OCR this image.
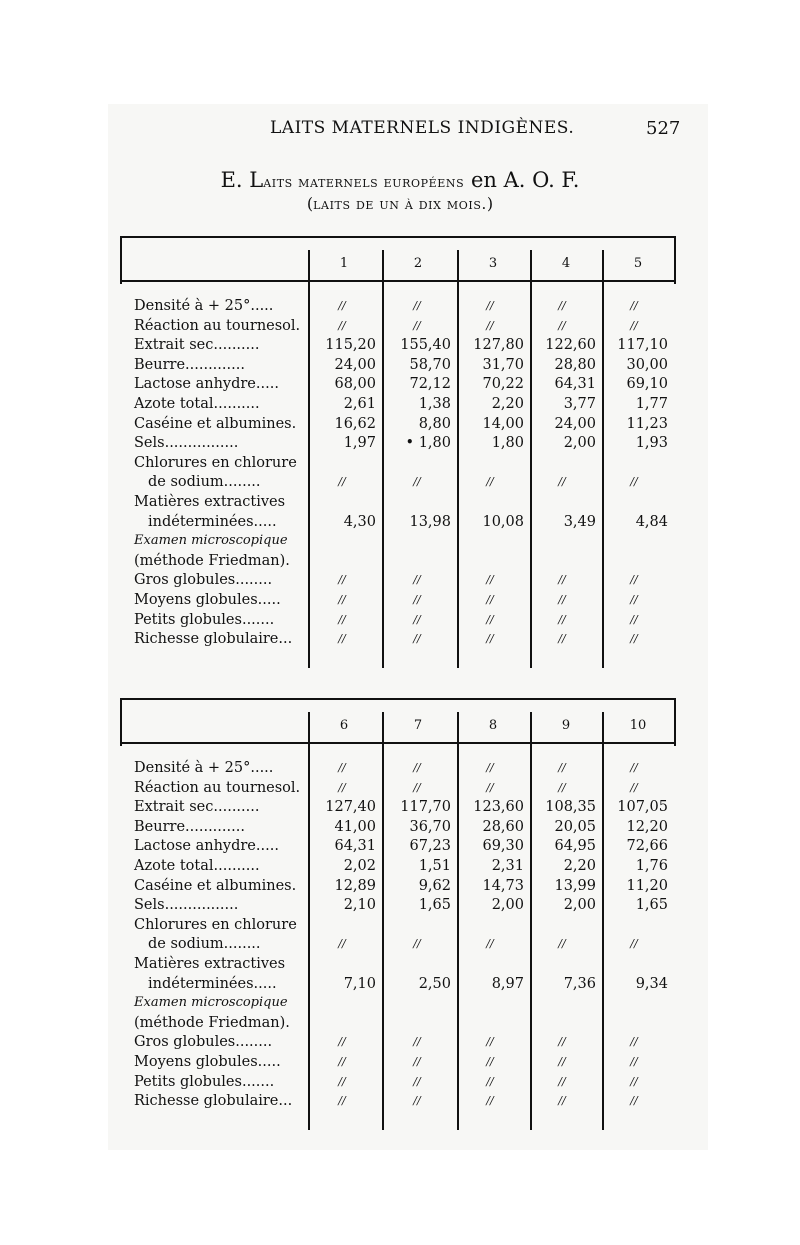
LAITS MATERNELS INDIGÈNES.	527
E. Laits maternels européens en A. O. F.
(laits de un à dix mois.)
1	2	3	4	5
Densité à + 25°.....	//	//	//	//	//
Réaction au tournesol.	//	//	//	//	//
Extrait sec..........	115,20	155,40	127,80	122,60	117,10
Beurre.............	24,00	58,70	31,70	28,80	30,00
Lactose anhydre.....	68,00	72,12	70,22	64,31	69,10
Azote total..........	2,61	1,38	2,20	3,77	1,77
Caséine et albumines.	16,62	8,80	14,00	24,00	11,23
Sels................	1,97	• 1,80	1,80	2,00	1,93
Chlorures en chlorure
de sodium........	//	//	//	//	//
Matières extractives
indéterminées.....	4,30	13,98	10,08	3,49	4,84
Examen microscopique
(méthode Friedman).
Gros globules........	//	//	//	//	//
Moyens globules.....	//	//	//	//	//
Petits globules.......	//	//	//	//	//
Richesse globulaire...	//	//	//	//	//
6	7	8	9	10
Densité à + 25°.....	//	//	//	//	//
Réaction au tournesol.	//	//	//	//	//
Extrait sec..........	127,40	117,70	123,60	108,35	107,05
Beurre.............	41,00	36,70	28,60	20,05	12,20
Lactose anhydre.....	64,31	67,23	69,30	64,95	72,66
Azote total..........	2,02	1,51	2,31	2,20	1,76
Caséine et albumines.	12,89	9,62	14,73	13,99	11,20
Sels................	2,10	1,65	2,00	2,00	1,65
Chlorures en chlorure
de sodium........	//	//	//	//	//
Matières extractives
indéterminées.....	7,10	2,50	8,97	7,36	9,34
Examen microscopique
(méthode Friedman).
Gros globules........	//	//	//	//	//
Moyens globules.....	//	//	//	//	//
Petits globules.......	//	//	//	//	//
Richesse globulaire...	//	//	//	//	//
